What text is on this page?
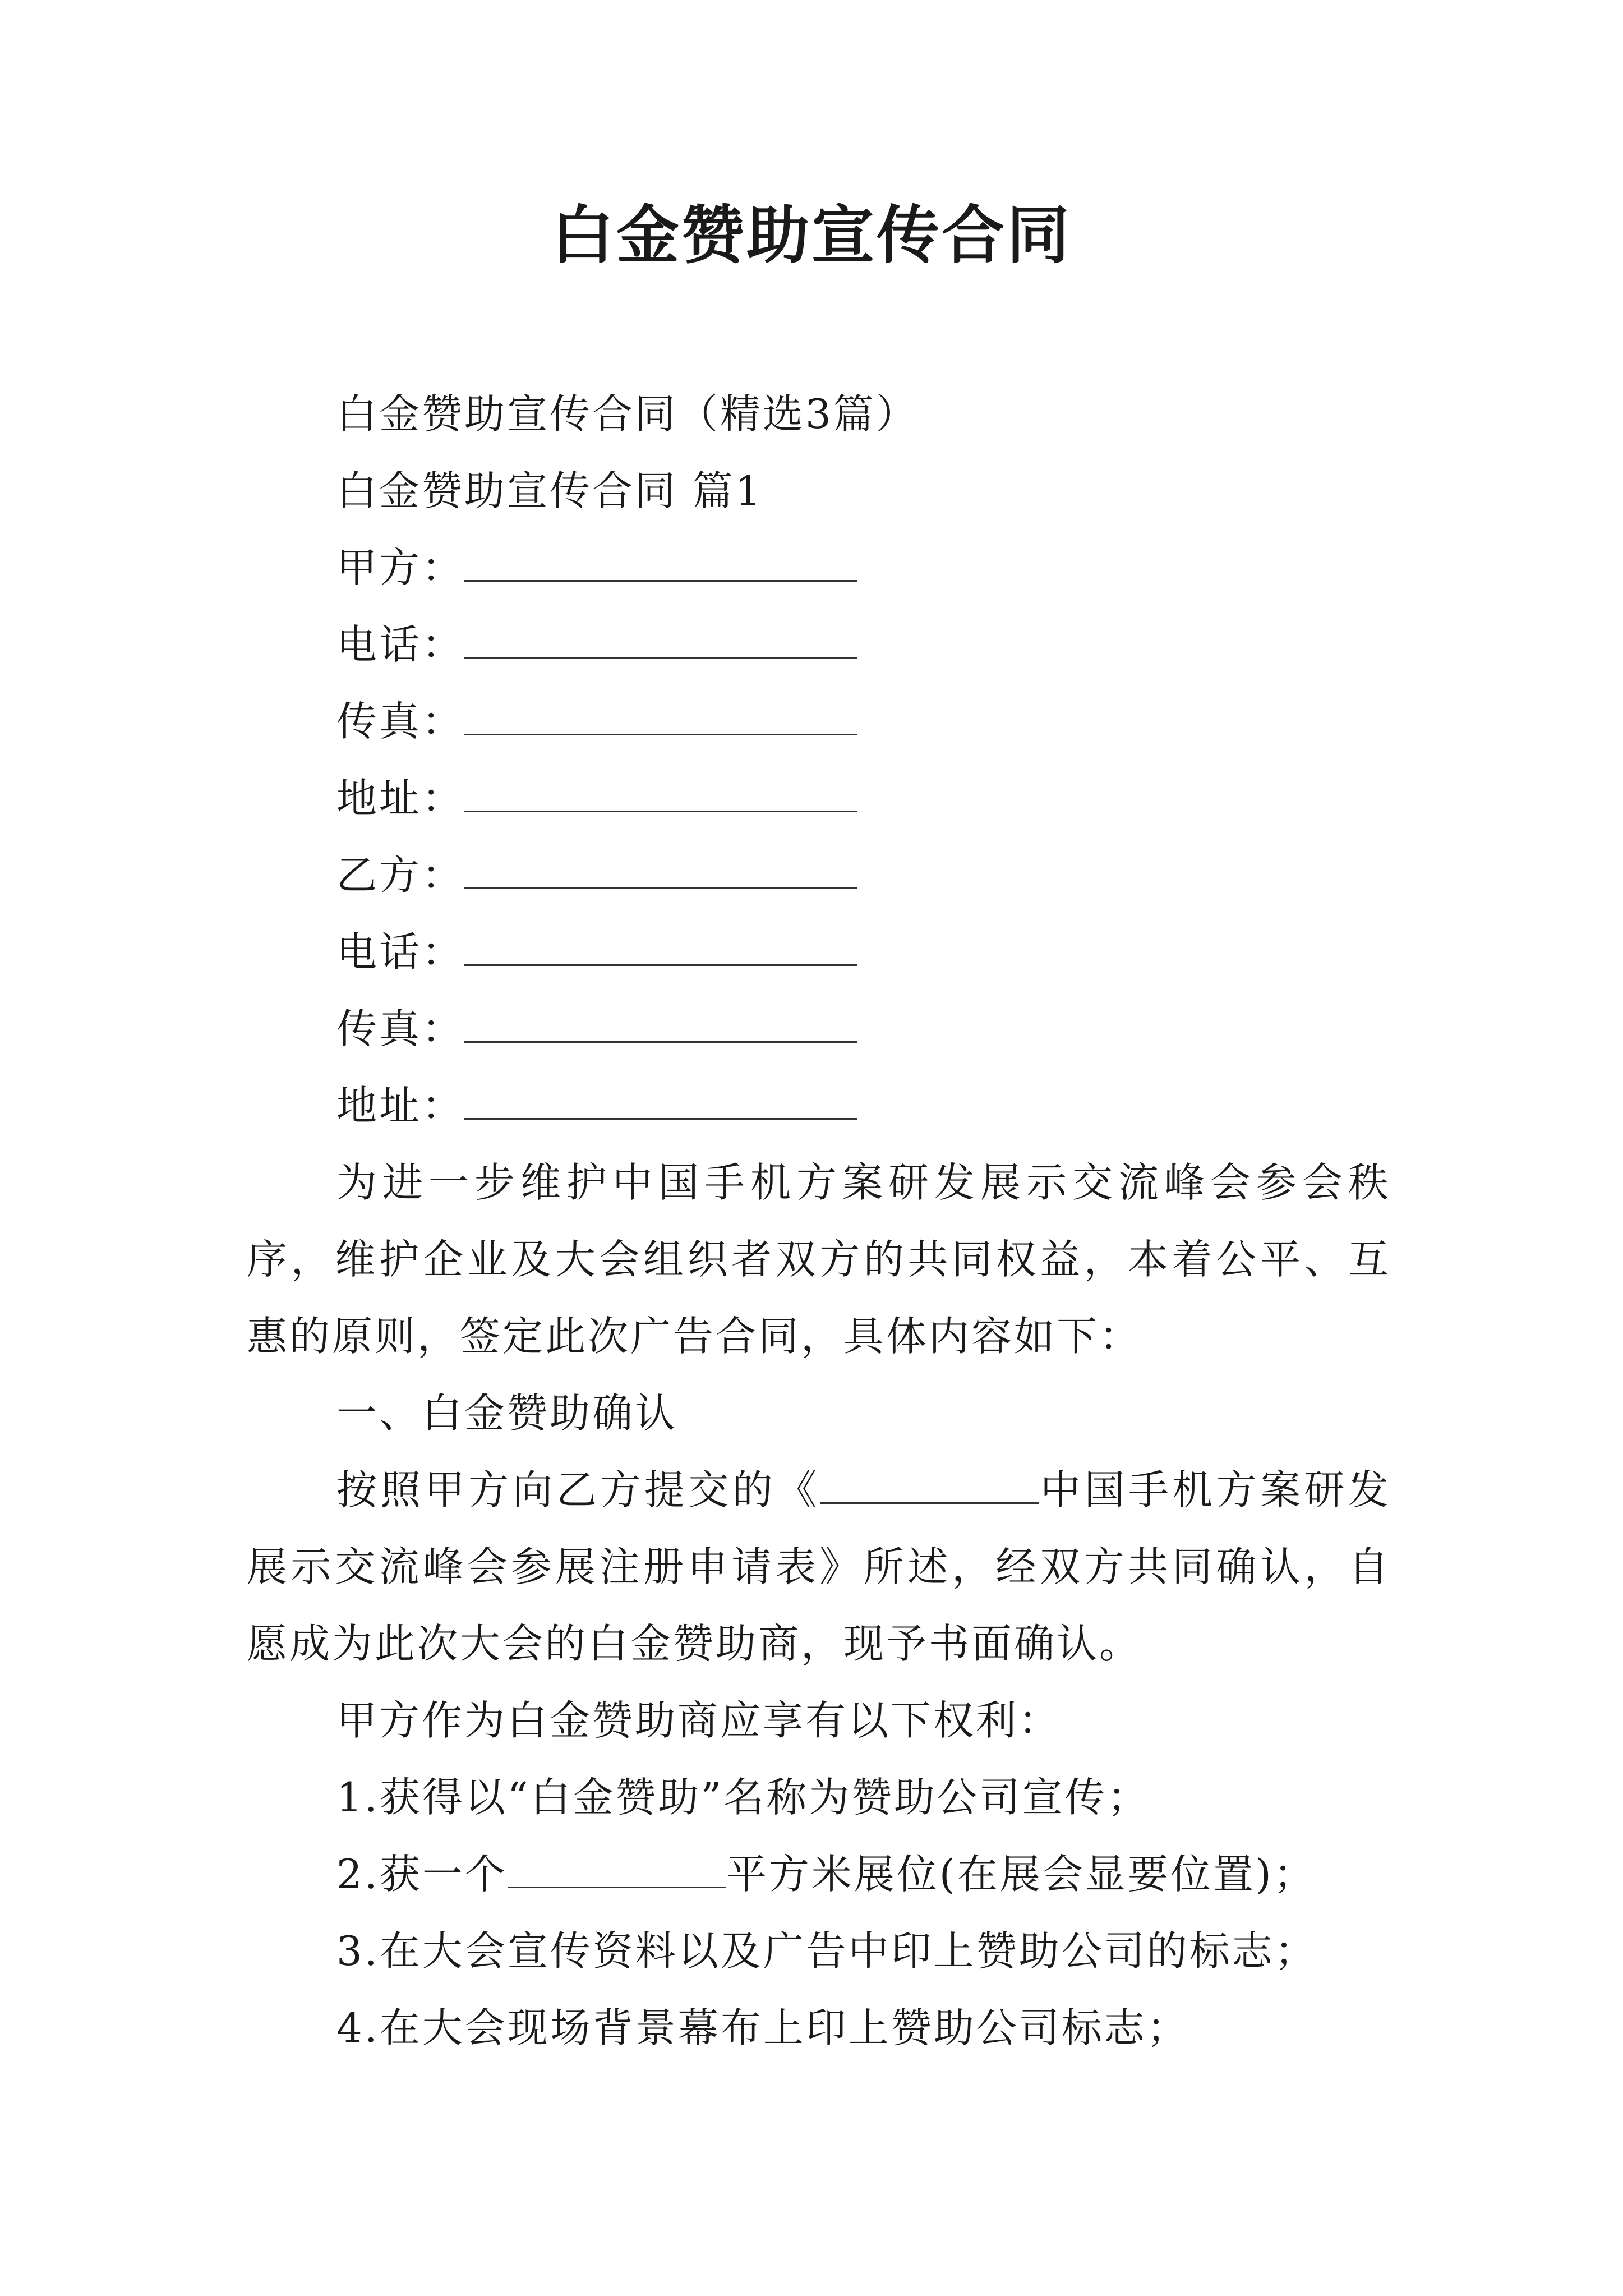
白金赞助宣传合同

白金赞助宣传合同（精选3篇）

白金赞助宣传合同 篇1

甲方：

电话：

传真：

地址：

乙方：

电话：

传真：

地址：

为进一步维护中国手机方案研发展示交流峰会参会秩序，维护企业及大会组织者双方的共同权益，本着公平、互惠的原则，签定此次广告合同，具体内容如下：

一、白金赞助确认

按照甲方向乙方提交的《	中国手机方案研发展示交流峰会参展注册申请表》所述，经双方共同确认，自愿成为此次大会的白金赞助商，现予书面确认。

甲方作为白金赞助商应享有以下权利：

1.获得以“白金赞助”名称为赞助公司宣传；

2.获一个	平方米展位(在展会显要位置)；

3.在大会宣传资料以及广告中印上赞助公司的标志；

4.在大会现场背景幕布上印上赞助公司标志；
